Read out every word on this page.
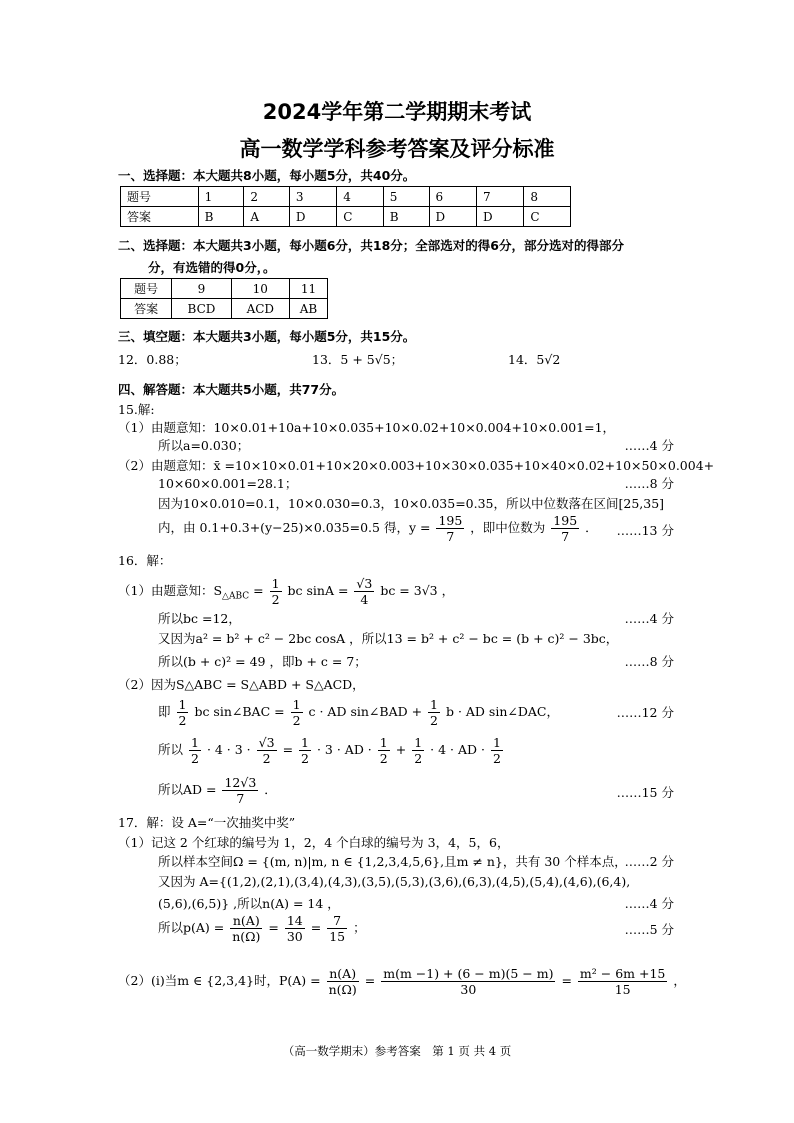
2024学年第二学期期末考试
高一数学学科参考答案及评分标准
一、选择题：本大题共8小题，每小题5分，共40分。
题号	1	2	3	4	5	6	7	8
答案	B	A	D	C	B	D	D	C
二、选择题：本大题共3小题，每小题6分，共18分；全部选对的得6分，部分选对的得部分
分，有选错的得0分，。
题号	9	10	11
答案	BCD	ACD	AB
三、填空题：本大题共3小题，每小题5分，共15分。
12．0.88；	13．5 + 5√5；	14．5√2
四、解答题：本大题共5小题，共77分。
15.解:
（1）由题意知：10×0.01+10a+10×0.035+10×0.02+10×0.004+10×0.001=1，
所以a=0.030；	……4 分
（2）由题意知：x̄ =10×10×0.01+10×20×0.003+10×30×0.035+10×40×0.02+10×50×0.004+
10×60×0.001=28.1；	……8 分
因为10×0.010=0.1，10×0.030=0.3，10×0.035=0.35，所以中位数落在区间[25,35]
内，由 0.1+0.3+(y−25)×0.035=0.5 得，$y = \frac{195}{7}$ ，即中位数为 $\frac{195}{7}$ ．	……13 分
16．解：
（1）由题意知：$S_{\triangle ABC} = \frac{1}{2}$ bc $\sin A = \frac{√3}{4}$ bc = 3√3 ，
所以bc =12，	……4 分
又因为a² = b² + c² − 2bc cosA ，所以13 = b² + c² − bc = (b + c)² − 3bc，
所以(b + c)² = 49 ，即b + c = 7；	……8 分
（2）因为S△ABC = S△ABD + S△ACD，
即 $\frac{1}{2}$ bc sin∠BAC = $\frac{1}{2}$ c · AD sin∠BAD + $\frac{1}{2}$ b · AD sin∠DAC，	……12 分
所以 $\frac{1}{2} \cdot 4 \cdot 3 \cdot \frac{√3}{2} = \frac{1}{2} \cdot 3$ · AD · $\frac{1}{2} + \frac{1}{2} \cdot 4$ · AD · $\frac{1}{2}$
所以AD = $\frac{12√3}{7}$ ．	……15 分
17．解：设 A=“一次抽奖中奖”
（1）记这 2 个红球的编号为 1，2，4 个白球的编号为 3，4，5，6，
所以样本空间Ω = {(m, n)|m, n ∈ {1,2,3,4,5,6},且m ≠ n}，共有 30 个样本点，
……2 分
又因为 A={(1,2),(2,1),(3,4),(4,3),(3,5),(5,3),(3,6),(6,3),(4,5),(5,4),(4,6),(6,4),
(5,6),(6,5)} ,所以n(A) = 14 ，	……4 分
所以$p(A) = \frac{n(A)}{n(\Omega)} = \frac{14}{30} = \frac{7}{15}$ ；	……5 分
（2）(i)当m ∈ {2,3,4}时，$P(A) = \frac{n(A)}{n(\Omega)} = \frac{m(m -1) + (6 - m)(5 - m)}{30} = \frac{\text{m² − 6m +15}}{15}$ ，
（高一数学期末）参考答案　第 1 页 共 4 页
